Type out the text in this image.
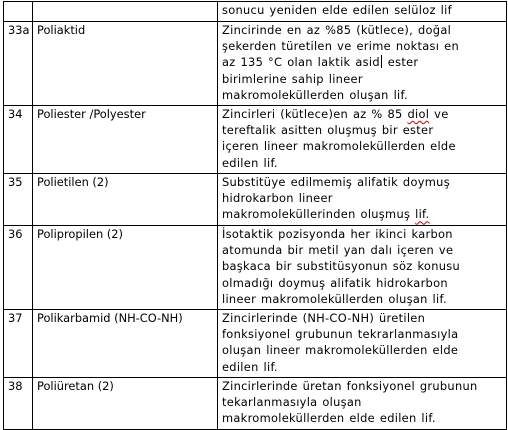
		sonucu yeniden elde edilen selüloz lif

33a	Poliaktid	Zincirinde en az %85 (kütlece), doğal
şekerden türetilen ve erime noktası en
az 135 °C olan laktik asid ester
birimlerine sahip lineer
makromoleküllerden oluşan lif.

34	Poliester /Polyester	Zincirleri (kütlece)en az % 85 diol ve
tereftalik asitten oluşmuş bir ester
içeren lineer makromoleküllerden elde
edilen lif.

35	Polietilen (2)	Substitüye edilmemiş alifatik doymuş
hidrokarbon lineer
makromoleküllerinden oluşmuş lif.

36	Polipropilen (2)	İsotaktik pozisyonda her ikinci karbon
atomunda bir metil yan dalı içeren ve
başkaca bir substitüsyonun söz konusu
olmadığı doymuş alifatik hidrokarbon
lineer makromoleküllerden oluşan lif.

37	Polikarbamid (NH-CO-NH)	Zincirlerinde (NH-CO-NH) üretilen
fonksiyonel grubunun tekrarlanmasıyla
oluşan lineer makromoleküllerden elde
edilen lif.

38	Poliüretan (2)	Zincirlerinde üretan fonksiyonel grubunun
tekarlanmasıyla oluşan
makromoleküllerden elde edilen lif.
